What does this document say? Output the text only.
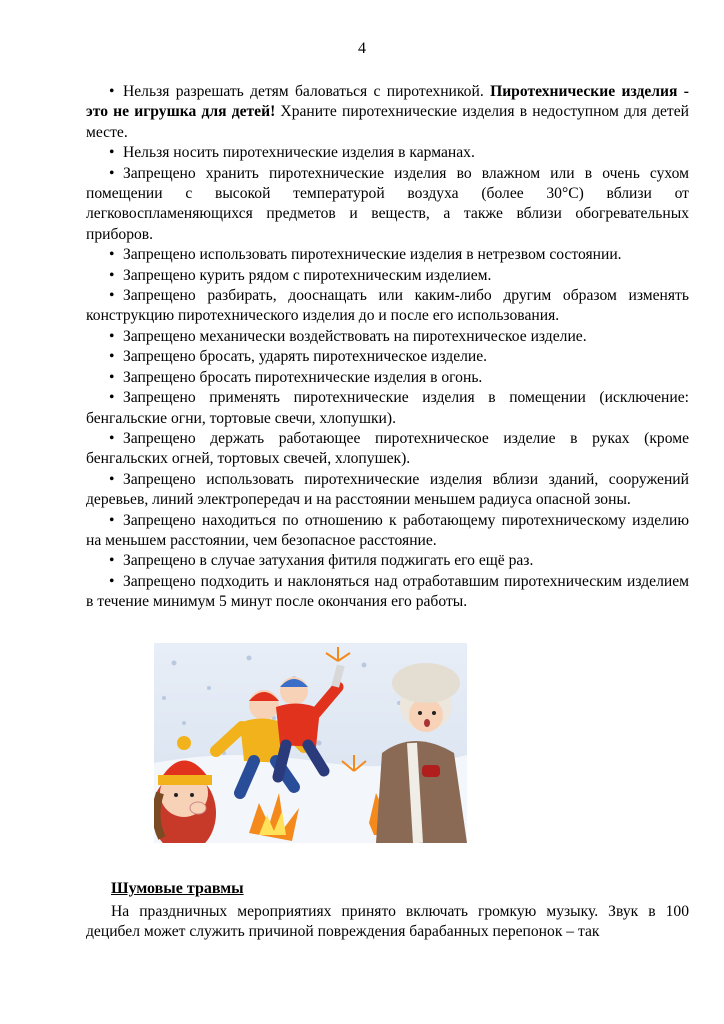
4

• Нельзя разрешать детям баловаться с пиротехникой. Пиротехнические изделия - это не игрушка для детей! Храните пиротехнические изделия в недоступном для детей месте.

• Нельзя носить пиротехнические изделия в карманах.

• Запрещено хранить пиротехнические изделия во влажном или в очень сухом помещении с высокой температурой воздуха (более 30°С) вблизи от легковоспламеняющихся предметов и веществ, а также вблизи обогревательных приборов.

• Запрещено использовать пиротехнические изделия в нетрезвом состоянии.

• Запрещено курить рядом с пиротехническим изделием.

• Запрещено разбирать, дооснащать или каким-либо другим образом изменять конструкцию пиротехнического изделия до и после его использования.

• Запрещено механически воздействовать на пиротехническое изделие.

• Запрещено бросать, ударять пиротехническое изделие.

• Запрещено бросать пиротехнические изделия в огонь.

• Запрещено применять пиротехнические изделия в помещении (исключение: бенгальские огни, тортовые свечи, хлопушки).

• Запрещено держать работающее пиротехническое изделие в руках (кроме бенгальских огней, тортовых свечей, хлопушек).

• Запрещено использовать пиротехнические изделия вблизи зданий, сооружений деревьев, линий электропередач и на расстоянии меньшем радиуса опасной зоны.

• Запрещено находиться по отношению к работающему пиротехническому изделию на меньшем расстоянии, чем безопасное расстояние.

• Запрещено в случае затухания фитиля поджигать его ещё раз.

• Запрещено подходить и наклоняться над отработавшим пиротехническим изделием в течение минимум 5 минут после окончания его работы.

Шумовые травмы

На праздничных мероприятиях принято включать громкую музыку. Звук в 100 децибел может служить причиной повреждения барабанных перепонок – так
